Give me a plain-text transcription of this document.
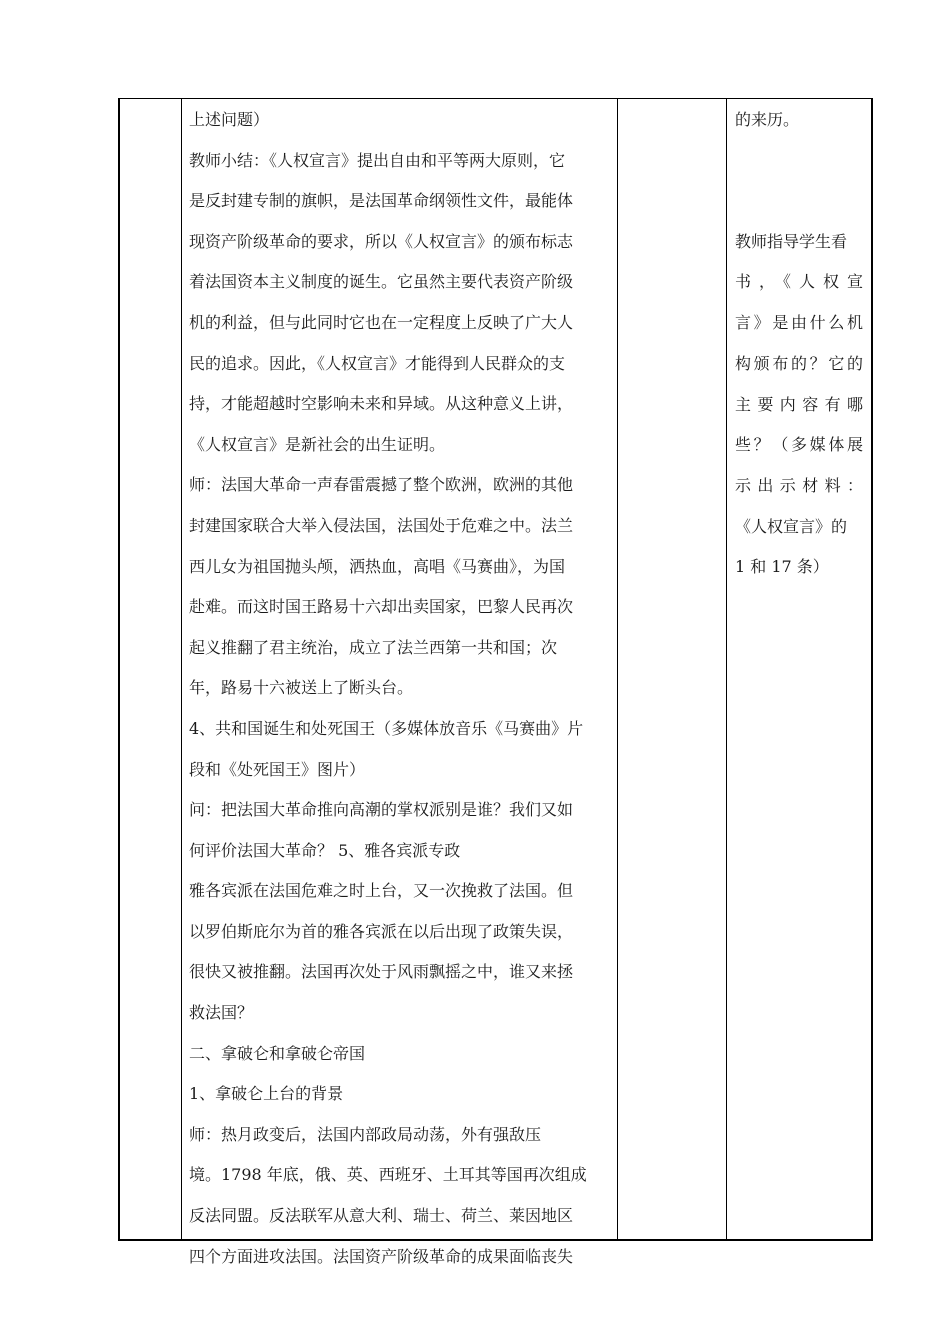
上述问题）

教师小结：《人权宣言》提出自由和平等两大原则，它

是反封建专制的旗帜，是法国革命纲领性文件，最能体

现资产阶级革命的要求，所以《人权宣言》的颁布标志

着法国资本主义制度的诞生。它虽然主要代表资产阶级

机的利益，但与此同时它也在一定程度上反映了广大人

民的追求。因此，《人权宣言》才能得到人民群众的支

持，才能超越时空影响未来和异域。从这种意义上讲，

《人权宣言》是新社会的出生证明。

师：法国大革命一声春雷震撼了整个欧洲，欧洲的其他

封建国家联合大举入侵法国，法国处于危难之中。法兰

西儿女为祖国抛头颅，洒热血，高唱《马赛曲》，为国

赴难。而这时国王路易十六却出卖国家，巴黎人民再次

起义推翻了君主统治，成立了法兰西第一共和国；次

年，路易十六被送上了断头台。

4、共和国诞生和处死国王（多媒体放音乐《马赛曲》片

段和《处死国王》图片）

问：把法国大革命推向高潮的掌权派别是谁？我们又如

何评价法国大革命？ 5、雅各宾派专政

雅各宾派在法国危难之时上台，又一次挽救了法国。但

以罗伯斯庇尔为首的雅各宾派在以后出现了政策失误，

很快又被推翻。法国再次处于风雨飘摇之中，谁又来拯

救法国？

二、拿破仑和拿破仑帝国

1、拿破仑上台的背景

师：热月政变后，法国内部政局动荡，外有强敌压

境。1798 年底，俄、英、西班牙、土耳其等国再次组成

反法同盟。反法联军从意大利、瑞士、荷兰、莱因地区

四个方面进攻法国。法国资产阶级革命的成果面临丧失

的来历。

教师指导学生看

书，《人权宣

言》是由什么机

构颁布的？它的

主要内容有哪

些？（多媒体展

示出示材料：

《人权宣言》的

1 和 17 条）
